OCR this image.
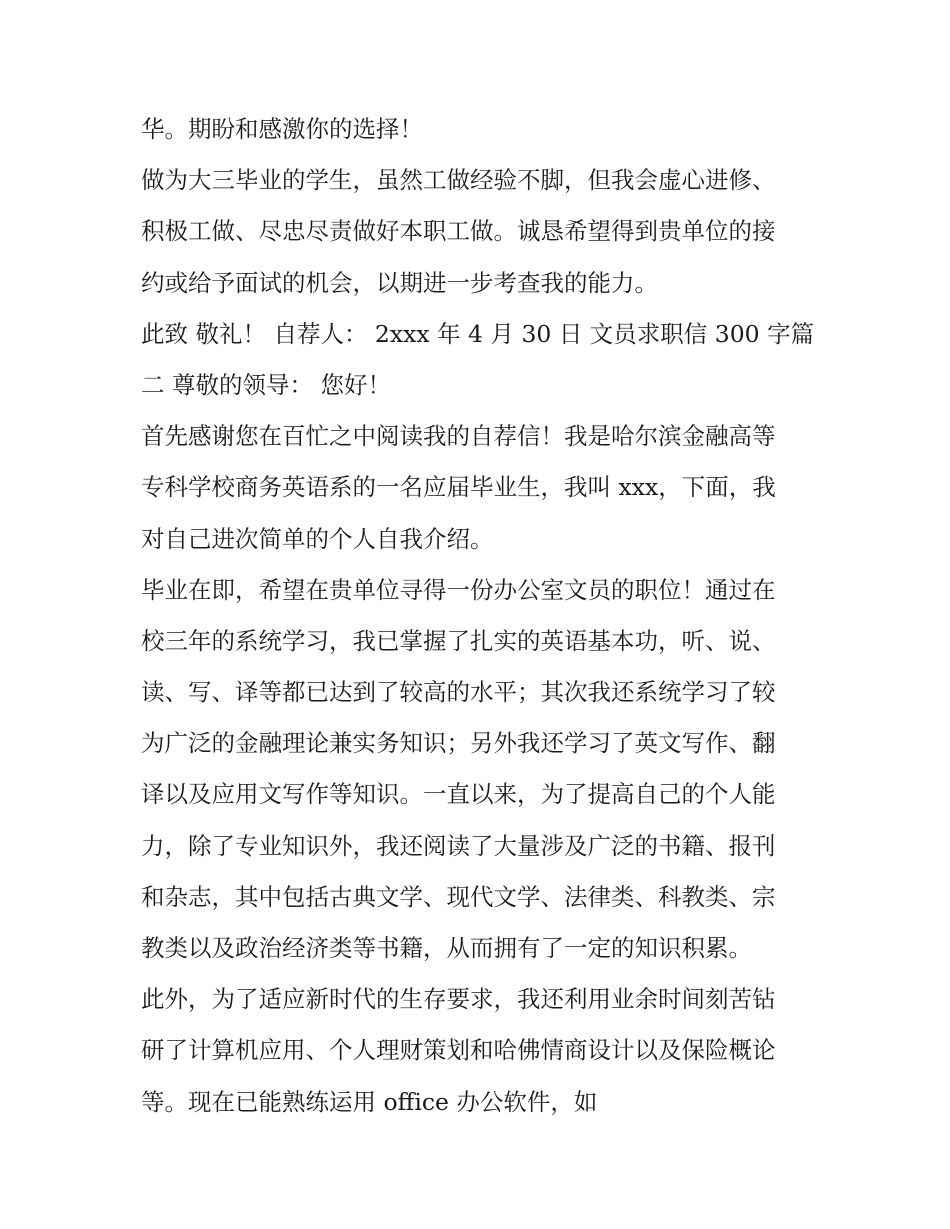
华。期盼和感激你的选择！
做为大三毕业的学生，虽然工做经验不脚，但我会虚心进修、
积极工做、尽忠尽责做好本职工做。诚恳希望得到贵单位的接
约或给予面试的机会，以期进一步考查我的能力。
此致 敬礼！ 自荐人： 2xxx 年 4 月 30 日 文员求职信 300 字篇
二 尊敬的领导： 您好！
首先感谢您在百忙之中阅读我的自荐信！我是哈尔滨金融高等
专科学校商务英语系的一名应届毕业生，我叫 xxx，下面，我
对自己进次简单的个人自我介绍。
毕业在即，希望在贵单位寻得一份办公室文员的职位！通过在
校三年的系统学习，我已掌握了扎实的英语基本功，听、说、
读、写、译等都已达到了较高的水平；其次我还系统学习了较
为广泛的金融理论兼实务知识；另外我还学习了英文写作、翻
译以及应用文写作等知识。一直以来，为了提高自己的个人能
力，除了专业知识外，我还阅读了大量涉及广泛的书籍、报刊
和杂志，其中包括古典文学、现代文学、法律类、科教类、宗
教类以及政治经济类等书籍，从而拥有了一定的知识积累。
此外，为了适应新时代的生存要求，我还利用业余时间刻苦钻
研了计算机应用、个人理财策划和哈佛情商设计以及保险概论
等。现在已能熟练运用 office 办公软件，如
